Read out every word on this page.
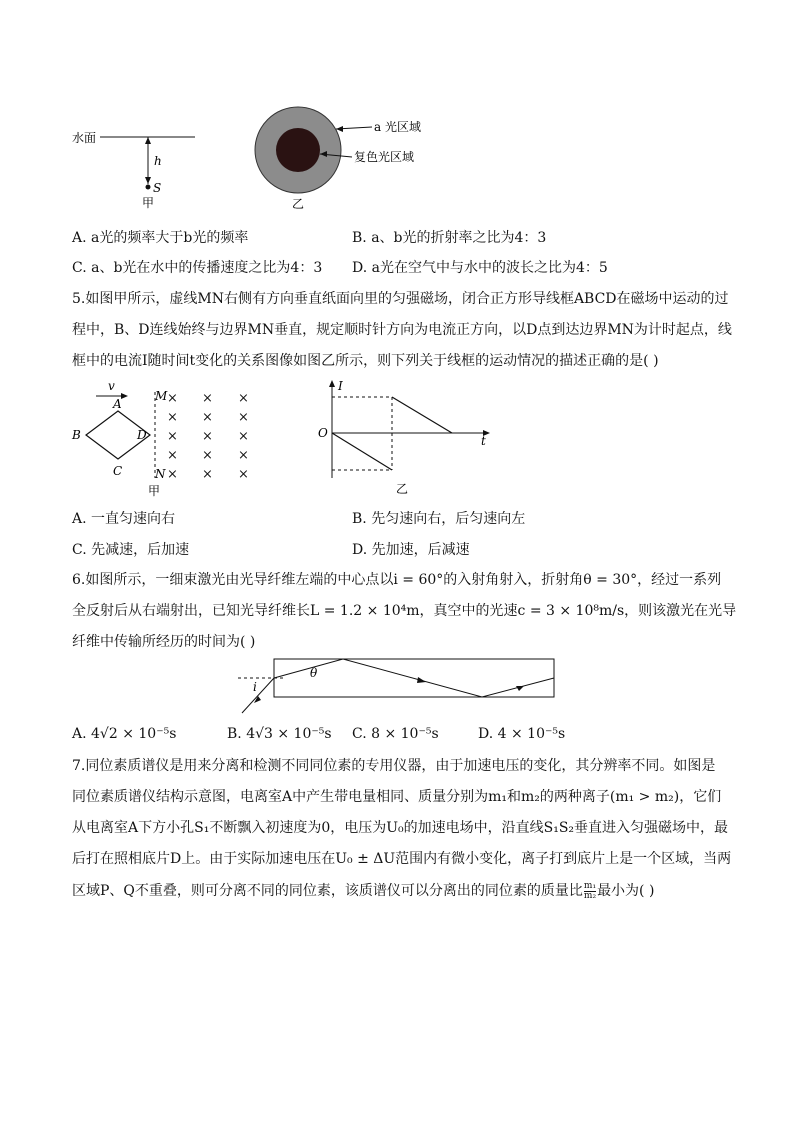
水面
h
S
甲
a 光区域
复色光区域
乙
A. a光的频率大于b光的频率	B. a、b光的折射率之比为4：3
C. a、b光在水中的传播速度之比为4：3 D. a光在空气中与水中的波长之比为4：5
5.如图甲所示，虚线MN右侧有方向垂直纸面向里的匀强磁场，闭合正方形导线框ABCD在磁场中运动的过
程中，B、D连线始终与边界MN垂直，规定顺时针方向为电流正方向，以D点到达边界MN为计时起点，线
框中的电流I随时间t变化的关系图像如图乙所示，则下列关于线框的运动情况的描述正确的是( )
v
A
B
C
D
M
N
甲
× × ×
× × ×
× × ×
× × ×
× × ×
I
t
O
乙
A. 一直匀速向右	B. 先匀速向右，后匀速向左
C. 先减速，后加速	D. 先加速，后减速
6.如图所示，一细束激光由光导纤维左端的中心点以i = 60°的入射角射入，折射角θ = 30°，经过一系列
全反射后从右端射出，已知光导纤维长L = 1.2 × 10⁴m，真空中的光速c = 3 × 10⁸m/s，则该激光在光导
纤维中传输所经历的时间为( )
i
θ
A. 4√2 × 10⁻⁵s	B. 4√3 × 10⁻⁵s C. 8 × 10⁻⁵s	D. 4 × 10⁻⁵s
7.同位素质谱仪是用来分离和检测不同同位素的专用仪器，由于加速电压的变化，其分辨率不同。如图是
同位素质谱仪结构示意图，电离室A中产生带电量相同、质量分别为m₁和m₂的两种离子(m₁ > m₂)，它们
从电离室A下方小孔S₁不断飘入初速度为0，电压为U₀的加速电场中，沿直线S₁S₂垂直进入匀强磁场中，最
后打在照相底片D上。由于实际加速电压在U₀ ± ΔU范围内有微小变化，离子打到底片上是一个区域，当两
区域P、Q不重叠，则可分离不同的同位素，该质谱仪可以分离出的同位素的质量比 $\frac{\text{m₁}}{\text{m₂}}$ 最小为( )
